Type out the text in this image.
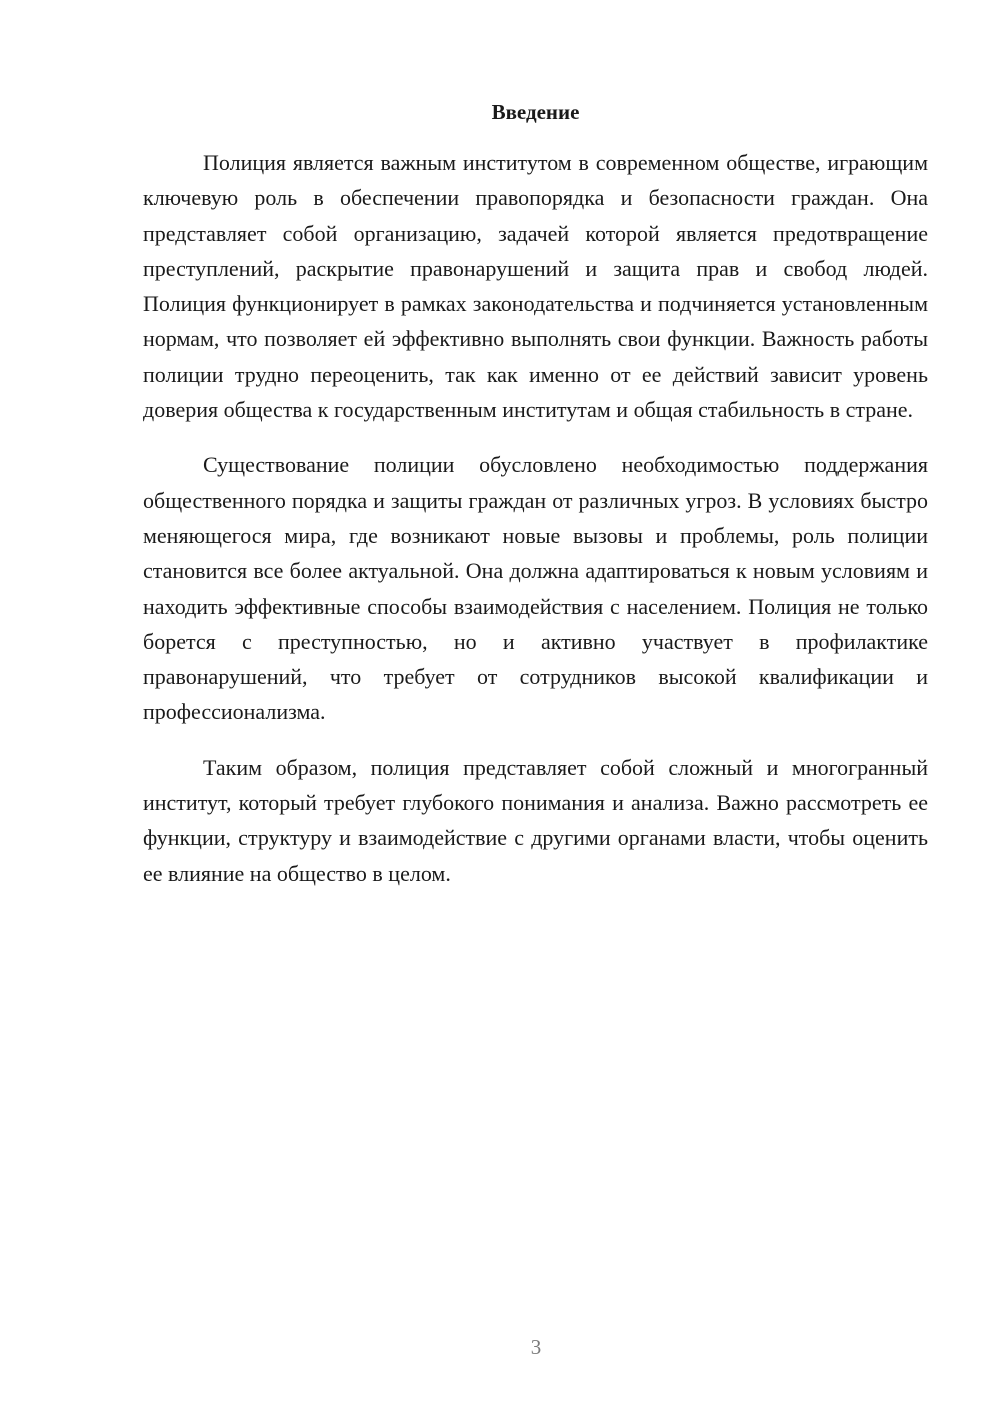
Введение

Полиция является важным институтом в современном обществе, играющим ключевую роль в обеспечении правопорядка и безопасности граждан. Она представляет собой организацию, задачей которой является предотвращение преступлений, раскрытие правонарушений и защита прав и свобод людей. Полиция функционирует в рамках законодательства и подчиняется установленным нормам, что позволяет ей эффективно выполнять свои функции. Важность работы полиции трудно переоценить, так как именно от ее действий зависит уровень доверия общества к государственным институтам и общая стабильность в стране.

Существование полиции обусловлено необходимостью поддержания общественного порядка и защиты граждан от различных угроз. В условиях быстро меняющегося мира, где возникают новые вызовы и проблемы, роль полиции становится все более актуальной. Она должна адаптироваться к новым условиям и находить эффективные способы взаимодействия с населением. Полиция не только борется с преступностью, но и активно участвует в профилактике правонарушений, что требует от сотрудников высокой квалификации и профессионализма.

Таким образом, полиция представляет собой сложный и многогранный институт, который требует глубокого понимания и анализа. Важно рассмотреть ее функции, структуру и взаимодействие с другими органами власти, чтобы оценить ее влияние на общество в целом.

3
